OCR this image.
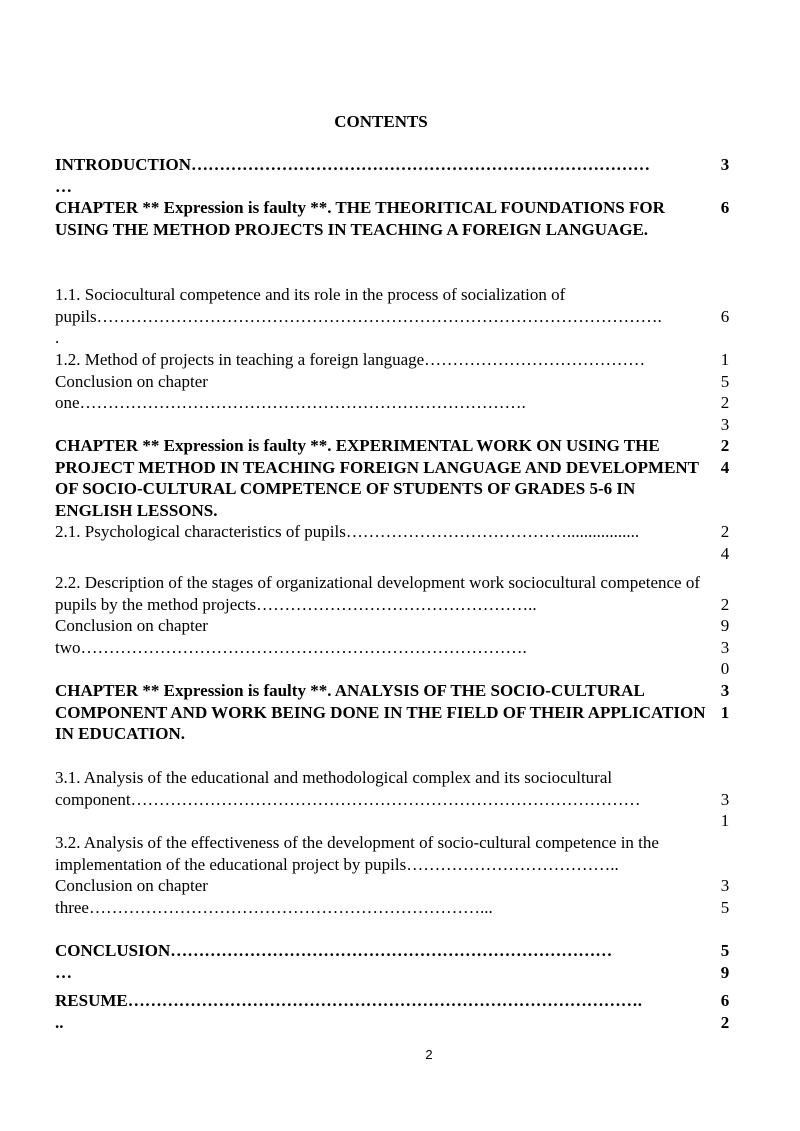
CONTENTS
INTRODUCTION………………………………………………………………………
…
3
CHAPTER ** Expression is faulty **. THE THEORITICAL FOUNDATIONS FOR USING THE METHOD PROJECTS IN TEACHING A FOREIGN LANGUAGE.
6
1.1. Sociocultural competence and its role in the process of socialization of pupils……………………………………………………………………………………….
.

6
1.2. Method of projects in teaching a foreign language…………………………………
Conclusion on chapter
one…………………………………………………………………….
1
5
2
3
CHAPTER ** Expression is faulty **. EXPERIMENTAL WORK ON USING THE PROJECT METHOD IN TEACHING FOREIGN LANGUAGE AND DEVELOPMENT OF SOCIO-CULTURAL COMPETENCE OF STUDENTS OF GRADES 5-6 IN ENGLISH LESSONS.
2
4
2.1. Psychological characteristics of pupils………………………………….................	2
4
2.2. Description of the stages of organizational development work sociocultural competence of pupils by the method projects…………………………………………..
Conclusion on chapter
two…………………………………………………………………….

2
9
3
0
CHAPTER ** Expression is faulty **. ANALYSIS OF THE SOCIO-CULTURAL COMPONENT AND WORK BEING DONE IN THE FIELD OF THEIR APPLICATION IN EDUCATION.
3
1
3.1. Analysis of the educational and methodological complex and its sociocultural component………………………………………………………………………………	
3
1
3.2. Analysis of the effectiveness of the development of socio-cultural competence in the implementation of the educational project by pupils………………………………..
Conclusion on chapter
three……………………………………………………………...

3
5
CONCLUSION……………………………………………………………………
…
5
9
RESUME……………………………………………………………………………….
..
6
2
2
